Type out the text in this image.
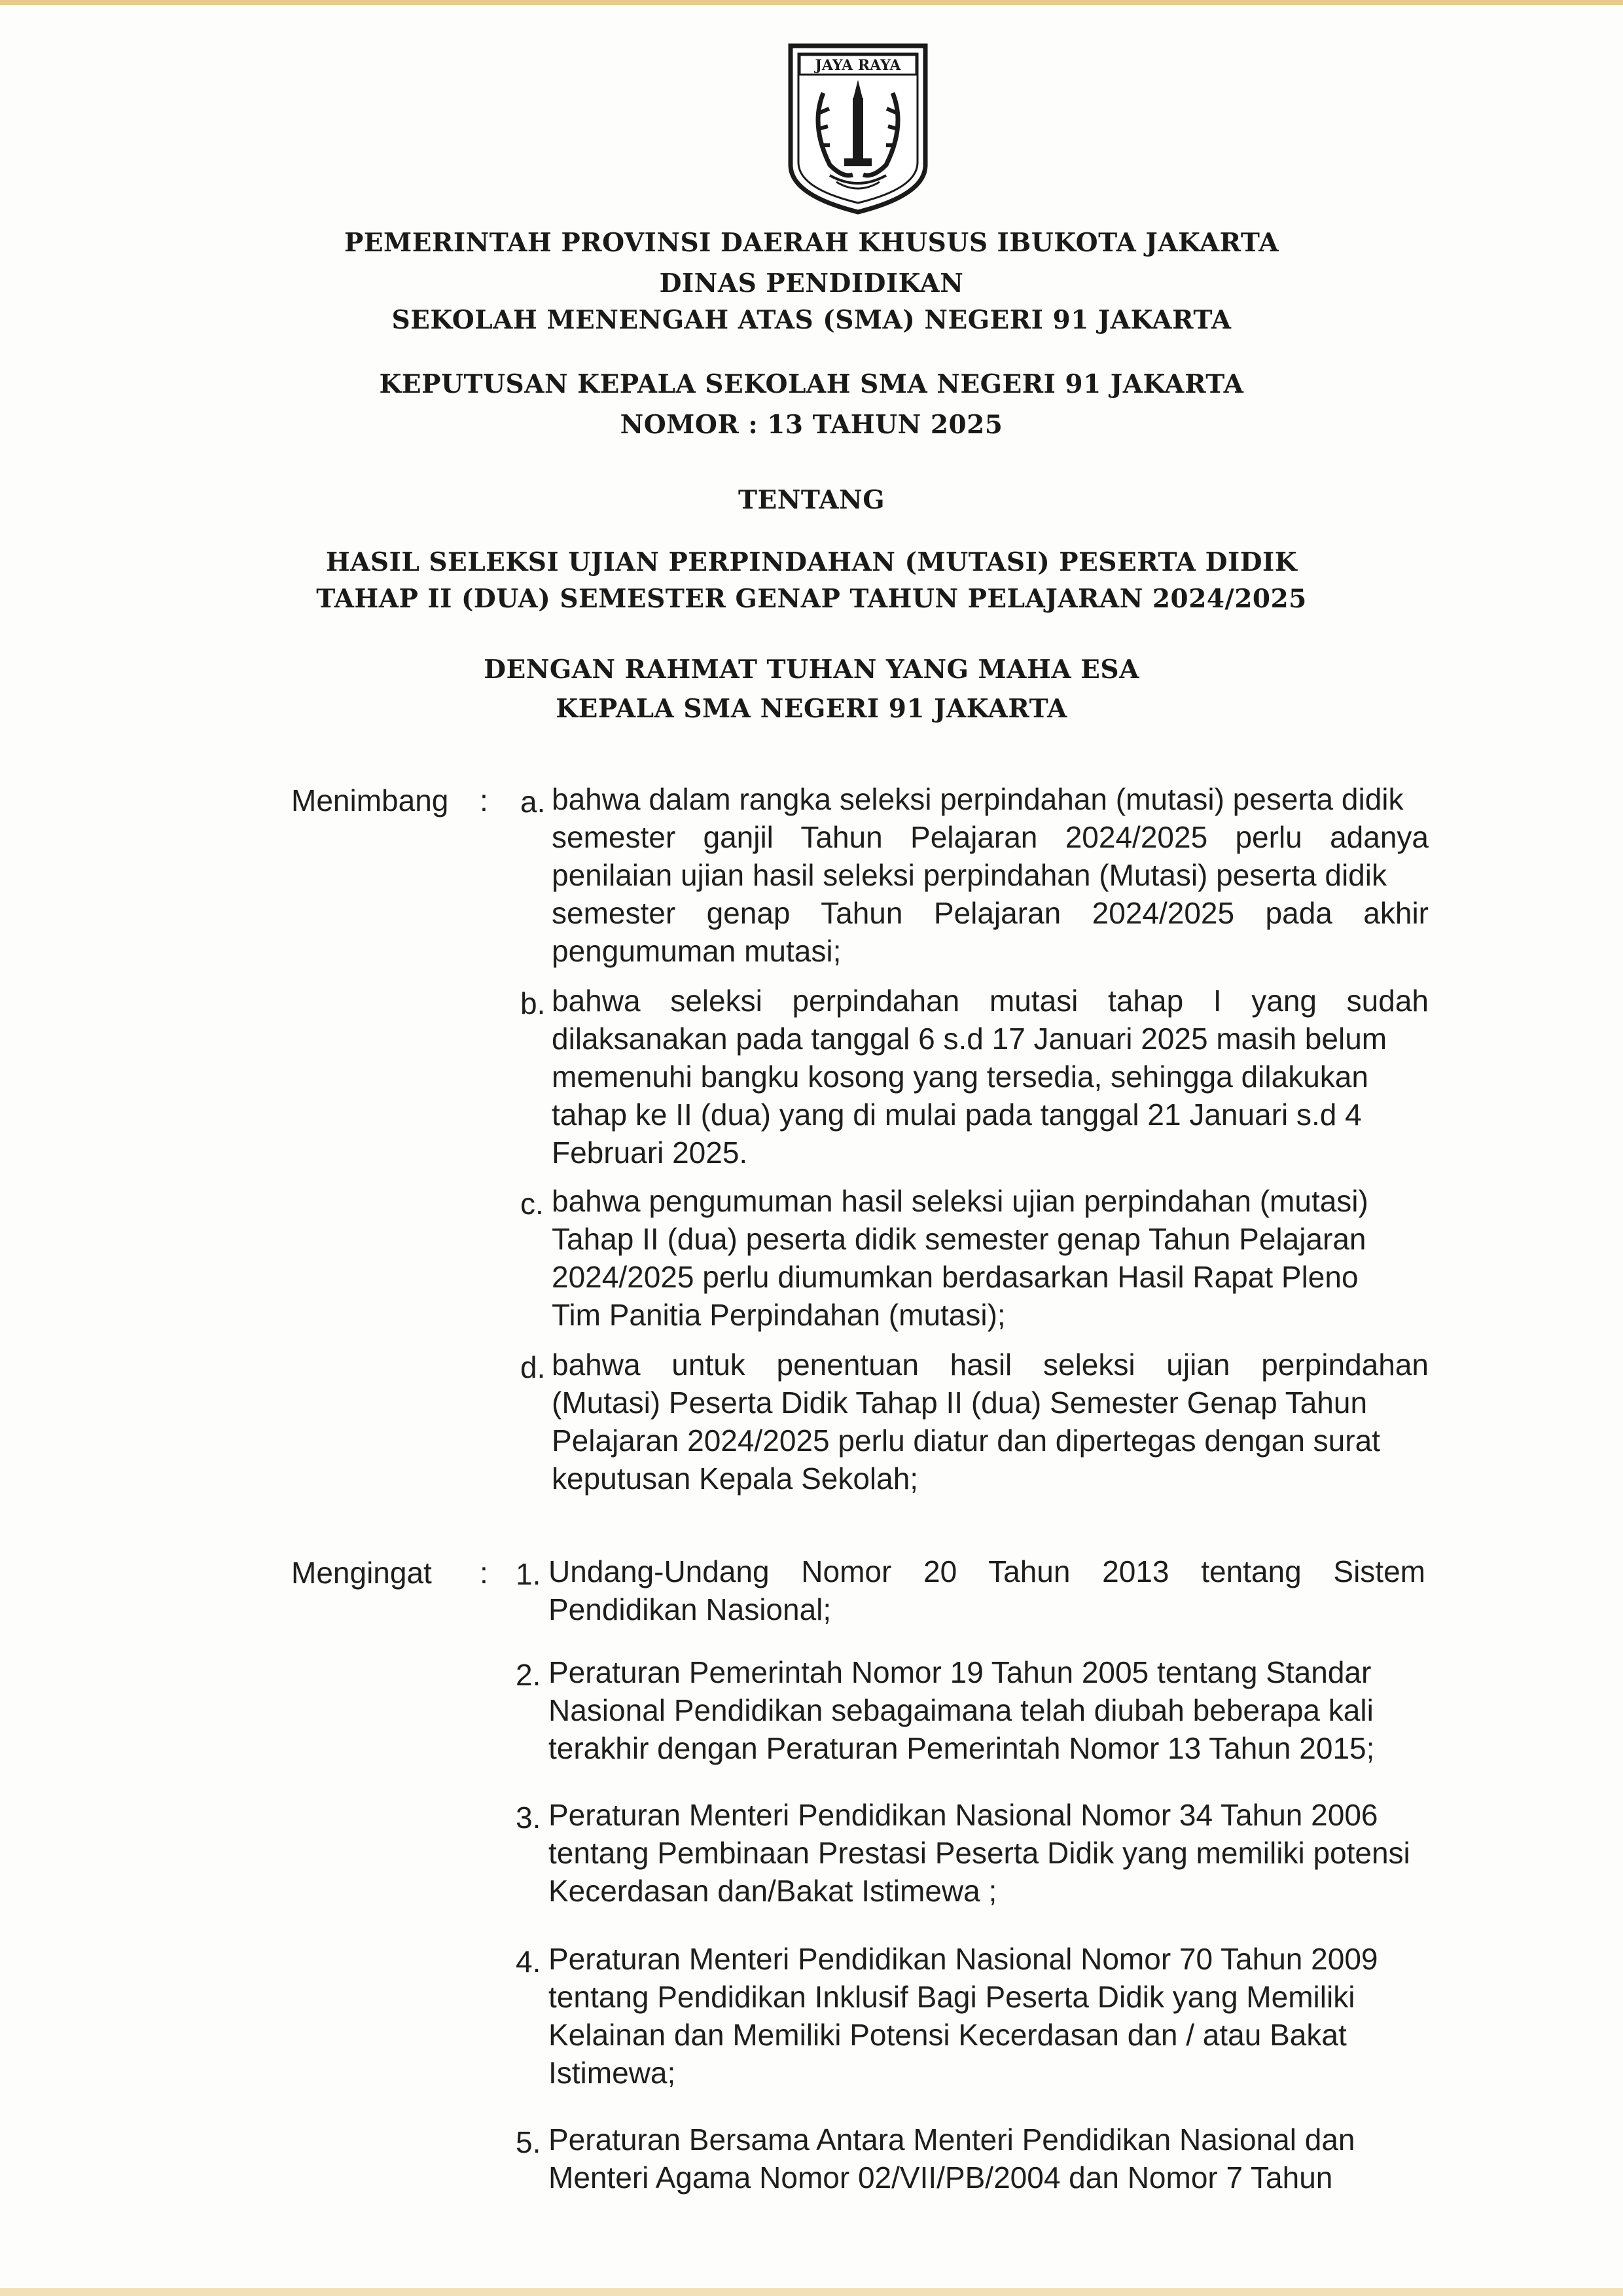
JAYA RAYA
PEMERINTAH PROVINSI DAERAH KHUSUS IBUKOTA JAKARTA
DINAS PENDIDIKAN
SEKOLAH MENENGAH ATAS (SMA) NEGERI 91 JAKARTA
KEPUTUSAN KEPALA SEKOLAH SMA NEGERI 91 JAKARTA
NOMOR : 13 TAHUN 2025
TENTANG
HASIL SELEKSI UJIAN PERPINDAHAN (MUTASI) PESERTA DIDIK
TAHAP II (DUA) SEMESTER GENAP TAHUN PELAJARAN 2024/2025
DENGAN RAHMAT TUHAN YANG MAHA ESA
KEPALA SMA NEGERI 91 JAKARTA
Menimbang : a. bahwa dalam rangka seleksi perpindahan (mutasi) peserta didik
semester ganjil Tahun Pelajaran 2024/2025 perlu adanya
penilaian ujian hasil seleksi perpindahan (Mutasi) peserta didik
semester genap Tahun Pelajaran 2024/2025 pada akhir
pengumuman mutasi;
b. bahwa seleksi perpindahan mutasi tahap I yang sudah
dilaksanakan pada tanggal 6 s.d 17 Januari 2025 masih belum
memenuhi bangku kosong yang tersedia, sehingga dilakukan
tahap ke II (dua) yang di mulai pada tanggal 21 Januari s.d 4
Februari 2025.
c. bahwa pengumuman hasil seleksi ujian perpindahan (mutasi)
Tahap II (dua) peserta didik semester genap Tahun Pelajaran
2024/2025 perlu diumumkan berdasarkan Hasil Rapat Pleno
Tim Panitia Perpindahan (mutasi);
d. bahwa untuk penentuan hasil seleksi ujian perpindahan
(Mutasi) Peserta Didik Tahap II (dua) Semester Genap Tahun
Pelajaran 2024/2025 perlu diatur dan dipertegas dengan surat
keputusan Kepala Sekolah;
Mengingat : 1. Undang-Undang Nomor 20 Tahun 2013 tentang Sistem
Pendidikan Nasional;
2. Peraturan Pemerintah Nomor 19 Tahun 2005 tentang Standar
Nasional Pendidikan sebagaimana telah diubah beberapa kali
terakhir dengan Peraturan Pemerintah Nomor 13 Tahun 2015;
3. Peraturan Menteri Pendidikan Nasional Nomor 34 Tahun 2006
tentang Pembinaan Prestasi Peserta Didik yang memiliki potensi
Kecerdasan dan/Bakat Istimewa ;
4. Peraturan Menteri Pendidikan Nasional Nomor 70 Tahun 2009
tentang Pendidikan Inklusif Bagi Peserta Didik yang Memiliki
Kelainan dan Memiliki Potensi Kecerdasan dan / atau Bakat
Istimewa;
5. Peraturan Bersama Antara Menteri Pendidikan Nasional dan
Menteri Agama Nomor 02/VII/PB/2004 dan Nomor 7 Tahun
